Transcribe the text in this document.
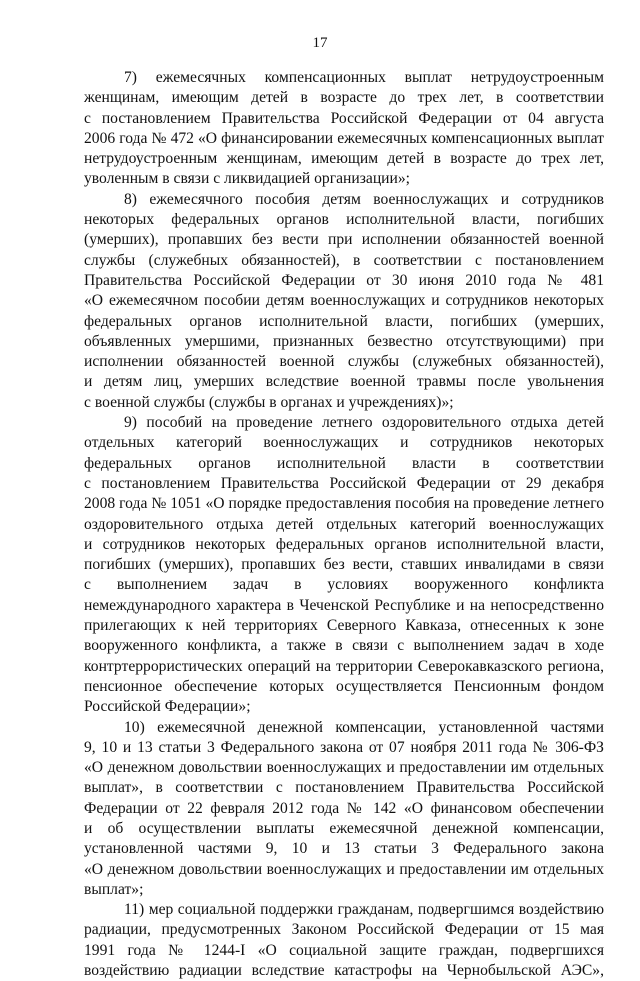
17
7) ежемесячных компенсационных выплат нетрудоустроенным
женщинам, имеющим детей в возрасте до трех лет, в соответствии
с постановлением Правительства Российской Федерации от 04 августа
2006 года № 472 «О финансировании ежемесячных компенсационных выплат
нетрудоустроенным женщинам, имеющим детей в возрасте до трех лет,
уволенным в связи с ликвидацией организации»;
8) ежемесячного пособия детям военнослужащих и сотрудников
некоторых федеральных органов исполнительной власти, погибших
(умерших), пропавших без вести при исполнении обязанностей военной
службы (служебных обязанностей), в соответствии с постановлением
Правительства Российской Федерации от 30 июня 2010 года № 481
«О ежемесячном пособии детям военнослужащих и сотрудников некоторых
федеральных органов исполнительной власти, погибших (умерших,
объявленных умершими, признанных безвестно отсутствующими) при
исполнении обязанностей военной службы (служебных обязанностей),
и детям лиц, умерших вследствие военной травмы после увольнения
с военной службы (службы в органах и учреждениях)»;
9) пособий на проведение летнего оздоровительного отдыха детей
отдельных категорий военнослужащих и сотрудников некоторых
федеральных органов исполнительной власти в соответствии
с постановлением Правительства Российской Федерации от 29 декабря
2008 года № 1051 «О порядке предоставления пособия на проведение летнего
оздоровительного отдыха детей отдельных категорий военнослужащих
и сотрудников некоторых федеральных органов исполнительной власти,
погибших (умерших), пропавших без вести, ставших инвалидами в связи
с выполнением задач в условиях вооруженного конфликта
немеждународного характера в Чеченской Республике и на непосредственно
прилегающих к ней территориях Северного Кавказа, отнесенных к зоне
вооруженного конфликта, а также в связи с выполнением задач в ходе
контртеррористических операций на территории Северокавказского региона,
пенсионное обеспечение которых осуществляется Пенсионным фондом
Российской Федерации»;
10) ежемесячной денежной компенсации, установленной частями
9, 10 и 13 статьи 3 Федерального закона от 07 ноября 2011 года № 306-ФЗ
«О денежном довольствии военнослужащих и предоставлении им отдельных
выплат», в соответствии с постановлением Правительства Российской
Федерации от 22 февраля 2012 года № 142 «О финансовом обеспечении
и об осуществлении выплаты ежемесячной денежной компенсации,
установленной частями 9, 10 и 13 статьи 3 Федерального закона
«О денежном довольствии военнослужащих и предоставлении им отдельных
выплат»;
11) мер социальной поддержки гражданам, подвергшимся воздействию
радиации, предусмотренных Законом Российской Федерации от 15 мая
1991 года № 1244-I «О социальной защите граждан, подвергшихся
воздействию радиации вследствие катастрофы на Чернобыльской АЭС»,
